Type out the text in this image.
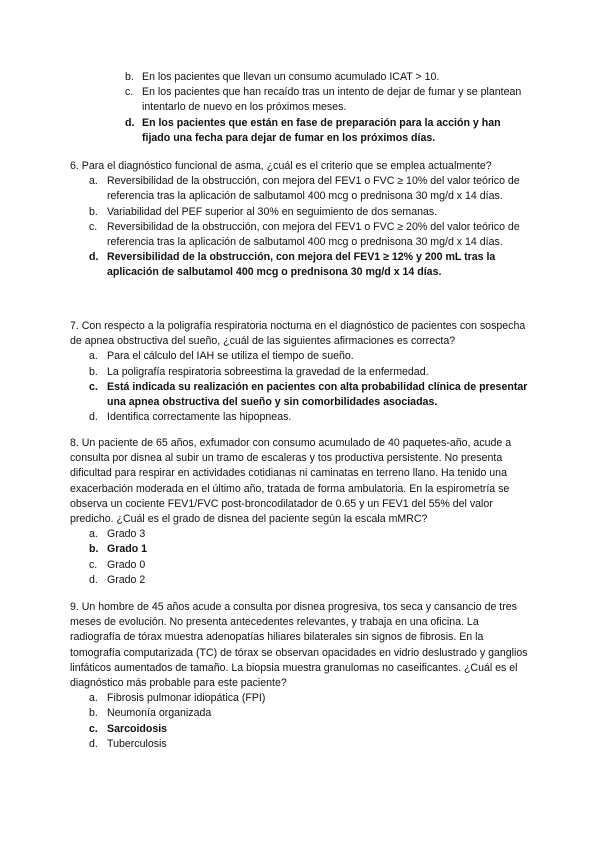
b. En los pacientes que llevan un consumo acumulado ICAT > 10.
c. En los pacientes que han recaído tras un intento de dejar de fumar y se plantean intentarlo de nuevo en los próximos meses.
d. En los pacientes que están en fase de preparación para la acción y han fijado una fecha para dejar de fumar en los próximos días.

6. Para el diagnóstico funcional de asma, ¿cuál es el criterio que se emplea actualmente?

a. Reversibilidad de la obstrucción, con mejora del FEV1 o FVC ≥ 10% del valor teórico de referencia tras la aplicación de salbutamol 400 mcg o prednisona 30 mg/d x 14 días.
b. Variabilidad del PEF superior al 30% en seguimiento de dos semanas.
c. Reversibilidad de la obstrucción, con mejora del FEV1 o FVC ≥ 20% del valor teórico de referencia tras la aplicación de salbutamol 400 mcg o prednisona 30 mg/d x 14 días.
d. Reversibilidad de la obstrucción, con mejora del FEV1 ≥ 12% y 200 mL tras la aplicación de salbutamol 400 mcg o prednisona 30 mg/d x 14 días.

7. Con respecto a la poligrafía respiratoria nocturna en el diagnóstico de pacientes con sospecha de apnea obstructiva del sueño, ¿cuál de las siguientes afirmaciones es correcta?

a. Para el cálculo del IAH se utiliza el tiempo de sueño.
b. La poligrafía respiratoria sobreestima la gravedad de la enfermedad.
c. Está indicada su realización en pacientes con alta probabilidad clínica de presentar una apnea obstructiva del sueño y sin comorbilidades asociadas.
d. Identifica correctamente las hipopneas.

8. Un paciente de 65 años, exfumador con consumo acumulado de 40 paquetes-año, acude a consulta por disnea al subir un tramo de escaleras y tos productiva persistente. No presenta dificultad para respirar en actividades cotidianas ni caminatas en terreno llano. Ha tenido una exacerbación moderada en el último año, tratada de forma ambulatoria. En la espirometría se observa un cociente FEV1/FVC post-broncodilatador de 0.65 y un FEV1 del 55% del valor predicho. ¿Cuál es el grado de disnea del paciente según la escala mMRC?

a. Grado 3
b. Grado 1
c. Grado 0
d. Grado 2

9. Un hombre de 45 años acude a consulta por disnea progresiva, tos seca y cansancio de tres meses de evolución. No presenta antecedentes relevantes, y trabaja en una oficina. La radiografía de tórax muestra adenopatías hiliares bilaterales sin signos de fibrosis. En la tomografía computarizada (TC) de tórax se observan opacidades en vidrio deslustrado y ganglios linfáticos aumentados de tamaño. La biopsia muestra granulomas no caseificantes. ¿Cuál es el diagnóstico más probable para este paciente?

a. Fibrosis pulmonar idiopática (FPI)
b. Neumonía organizada
c. Sarcoidosis
d. Tuberculosis
